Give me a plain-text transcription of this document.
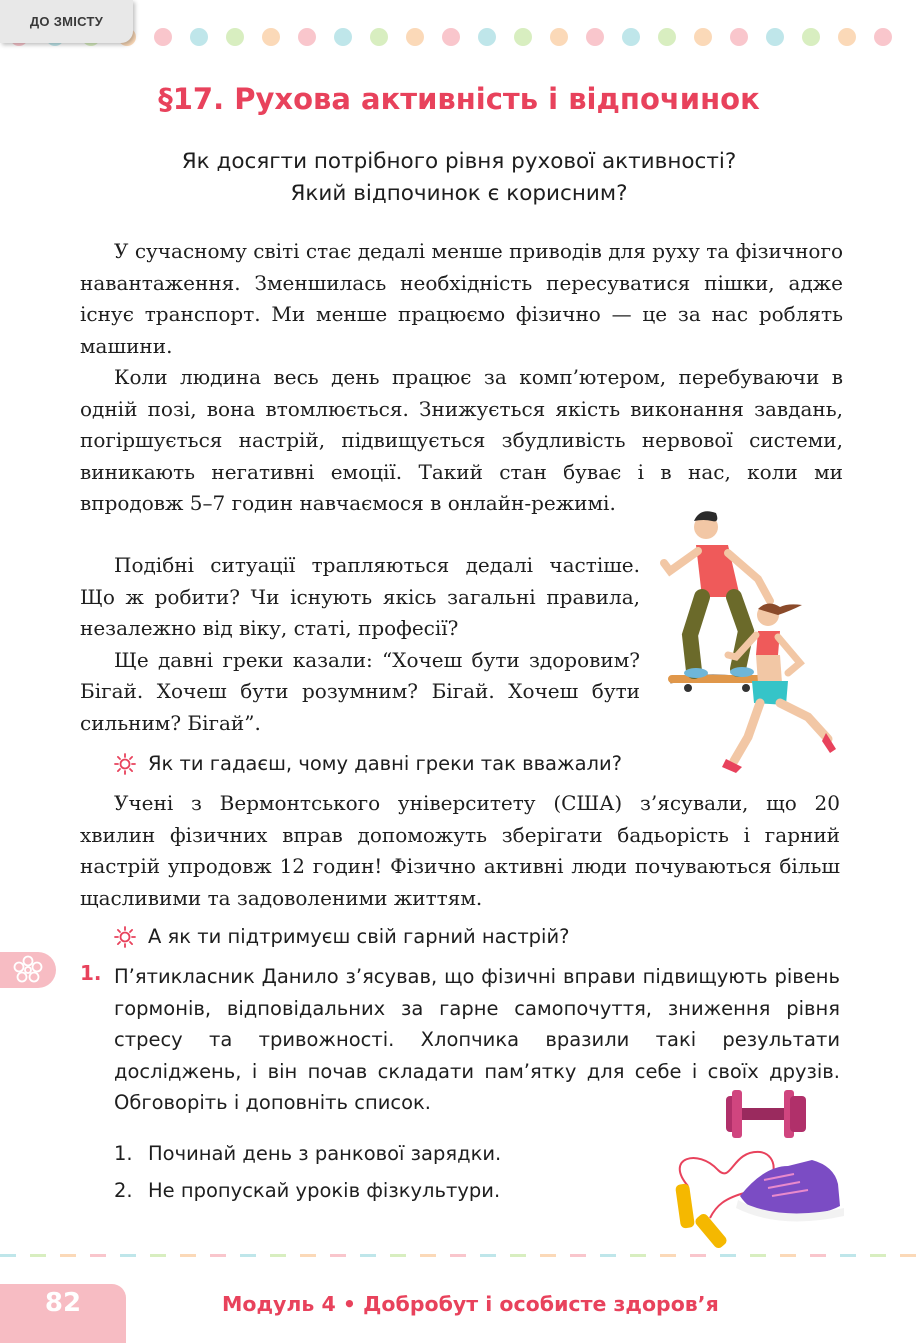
ДО ЗМІСТУ
§17. Рухова активність і відпочинок
Як досягти потрібного рівня рухової активності?
Який відпочинок є корисним?

У сучасному світі стає дедалі менше приводів для руху та фізичного навантаження. Зменшилась необхідність пересуватися пішки, адже існує транспорт. Ми менше працюємо фізично — це за нас роблять машини.

Коли людина весь день працює за комп’ютером, перебуваючи в одній позі, вона втомлюється. Знижується якість виконання завдань, погіршується настрій, підвищується збудливість нервової системи, виникають негативні емоції. Такий стан буває і в нас, коли ми впродовж 5–7 годин навчаємося в онлайн-режимі.

Подібні ситуації трапляються дедалі частіше. Що ж робити? Чи існують якісь загальні правила, незалежно від віку, статі, професії?

Ще давні греки казали: “Хочеш бути здоровим? Бігай. Хочеш бути розумним? Бігай. Хочеш бути сильним? Бігай”.

Як ти гадаєш, чому давні греки так вважали?

Учені з Вермонтського університету (США) з’ясували, що 20 хвилин фізичних вправ допоможуть зберігати бадьорість і гарний настрій упродовж 12 годин! Фізично активні люди почуваються більш щасливими та задоволеними життям.

А як ти підтримуєш свій гарний настрій?
1. П’ятикласник Данило з’ясував, що фізичні вправи підвищують рівень гормонів, відповідальних за гарне самопочуття, зниження рівня стресу та тривожності. Хлопчика вразили такі результати досліджень, і він почав складати пам’ятку для себе і своїх друзів. Обговоріть і доповніть список.
1. Починай день з ранкової зарядки.
2. Не пропускай уроків фізкультури.
82	Модуль 4 • Добробут і особисте здоров’я
